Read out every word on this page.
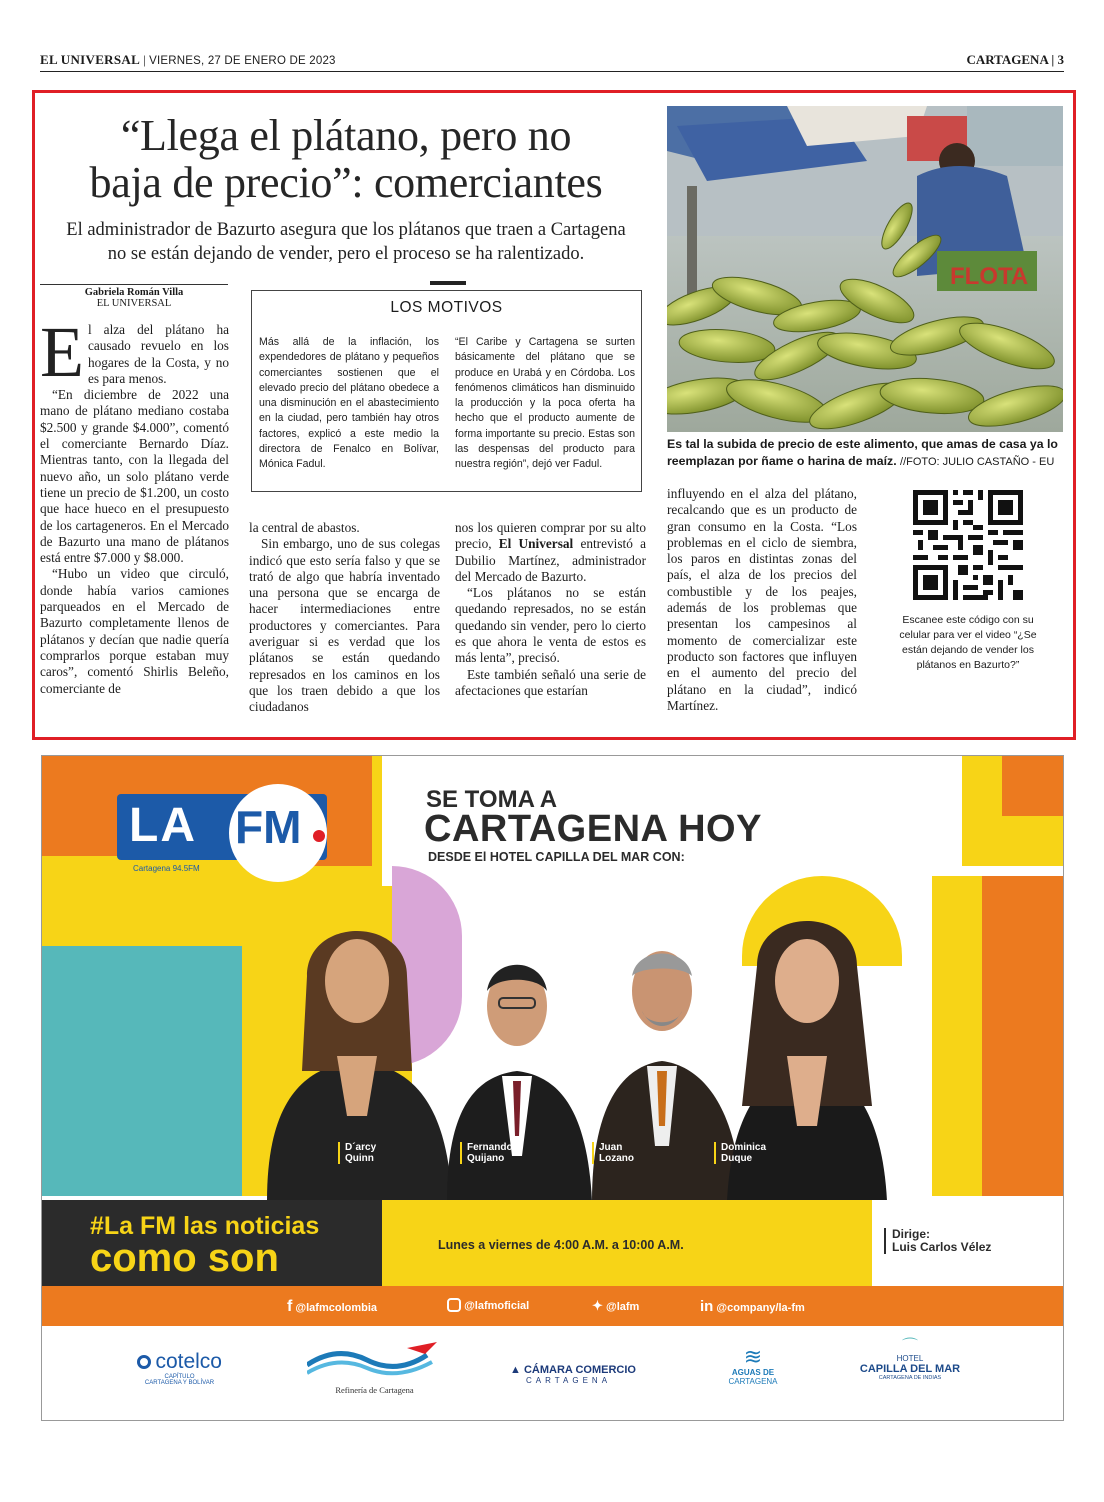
EL UNIVERSAL | VIERNES, 27 DE ENERO DE 2023	CARTAGENA | 3
“Llega el plátano, pero no
baja de precio”: comerciantes
El administrador de Bazurto asegura que los plátanos que traen a Cartagena
no se están dejando de vender, pero el proceso se ha ralentizado.
Gabriela Román Villa
EL UNIVERSAL

El alza del plátano ha causado revuelo en los hogares de la Costa, y no es para menos.

“En diciembre de 2022 una mano de plátano mediano costaba $2.500 y grande $4.000”, comentó el comerciante Bernardo Díaz. Mientras tanto, con la llegada del nuevo año, un solo plátano verde tiene un precio de $1.200, un costo que hace hueco en el presupuesto de los cartageneros. En el Mercado de Bazurto una mano de plátanos está entre $7.000 y $8.000.

“Hubo un video que circuló, donde había varios camiones parqueados en el Mercado de Bazurto completamente llenos de plátanos y decían que nadie quería comprarlos porque estaban muy caros”, comentó Shirlis Beleño, comerciante de

LOS MOTIVOS
Más allá de la inflación, los expendedores de plátano y pequeños comerciantes sostienen que el elevado precio del plátano obedece a una disminución en el abastecimiento en la ciudad, pero también hay otros factores, explicó a este medio la directora de Fenalco en Bolívar, Mónica Fadul.
“El Caribe y Cartagena se surten básicamente del plátano que se produce en Urabá y en Córdoba. Los fenómenos climáticos han disminuido la producción y la poca oferta ha hecho que el producto aumente de forma importante su precio. Estas son las despensas del producto para nuestra región”, dejó ver Fadul.

la central de abastos.

Sin embargo, uno de sus colegas indicó que esto sería falso y que se trató de algo que habría inventado una persona que se encarga de hacer intermediaciones entre productores y comerciantes. Para averiguar si es verdad que los plátanos se están quedando represados en los caminos en los que los traen debido a que los ciudadanos

nos los quieren comprar por su alto precio, El Universal entrevistó a Dubilio Martínez, administrador del Mercado de Bazurto.

“Los plátanos no se están quedando represados, no se están quedando sin vender, pero lo cierto es que ahora le venta de estos es más lenta”, precisó.

Este también señaló una serie de afectaciones que estarían

influyendo en el alza del plátano, recalcando que es un producto de gran consumo en la Costa. “Los problemas en el ciclo de siembra, los paros en distintas zonas del país, el alza de los precios del combustible y de los peajes, además de los problemas que presentan los campesinos al momento de comercializar este producto son factores que influyen en el aumento del precio del plátano en la ciudad”, indicó Martínez.

FLOTA
Es tal la subida de precio de este alimento, que amas de casa ya lo reemplazan por ñame o harina de maíz. //FOTO: JULIO CASTAÑO - EU
Escanee este código con su celular para ver el video “¿Se están dejando de vender los plátanos en Bazurto?”
LA FM
Cartagena 94.5FM
SE TOMA A
CARTAGENA HOY
DESDE El HOTEL CAPILLA DEL MAR CON:
D´arcy
Quinn
Fernando
Quijano
Juan
Lozano
Dominica
Duque
#La FM las noticias
como son	Lunes a viernes de 4:00 A.M. a 10:00 A.M.
Dirige:
Luis Carlos Vélez
f @lafmcolombia	@lafmoficial	✦ @lafm	in @company/la-fm
cotelco
CAPÍTULO
CARTAGENA Y BOLÍVAR
Refinería de Cartagena
▲ CÁMARA COMERCIO
CARTAGENA
≋
AGUAS DE
CARTAGENA
⌒
HOTEL
CAPILLA DEL MAR
CARTAGENA DE INDIAS
